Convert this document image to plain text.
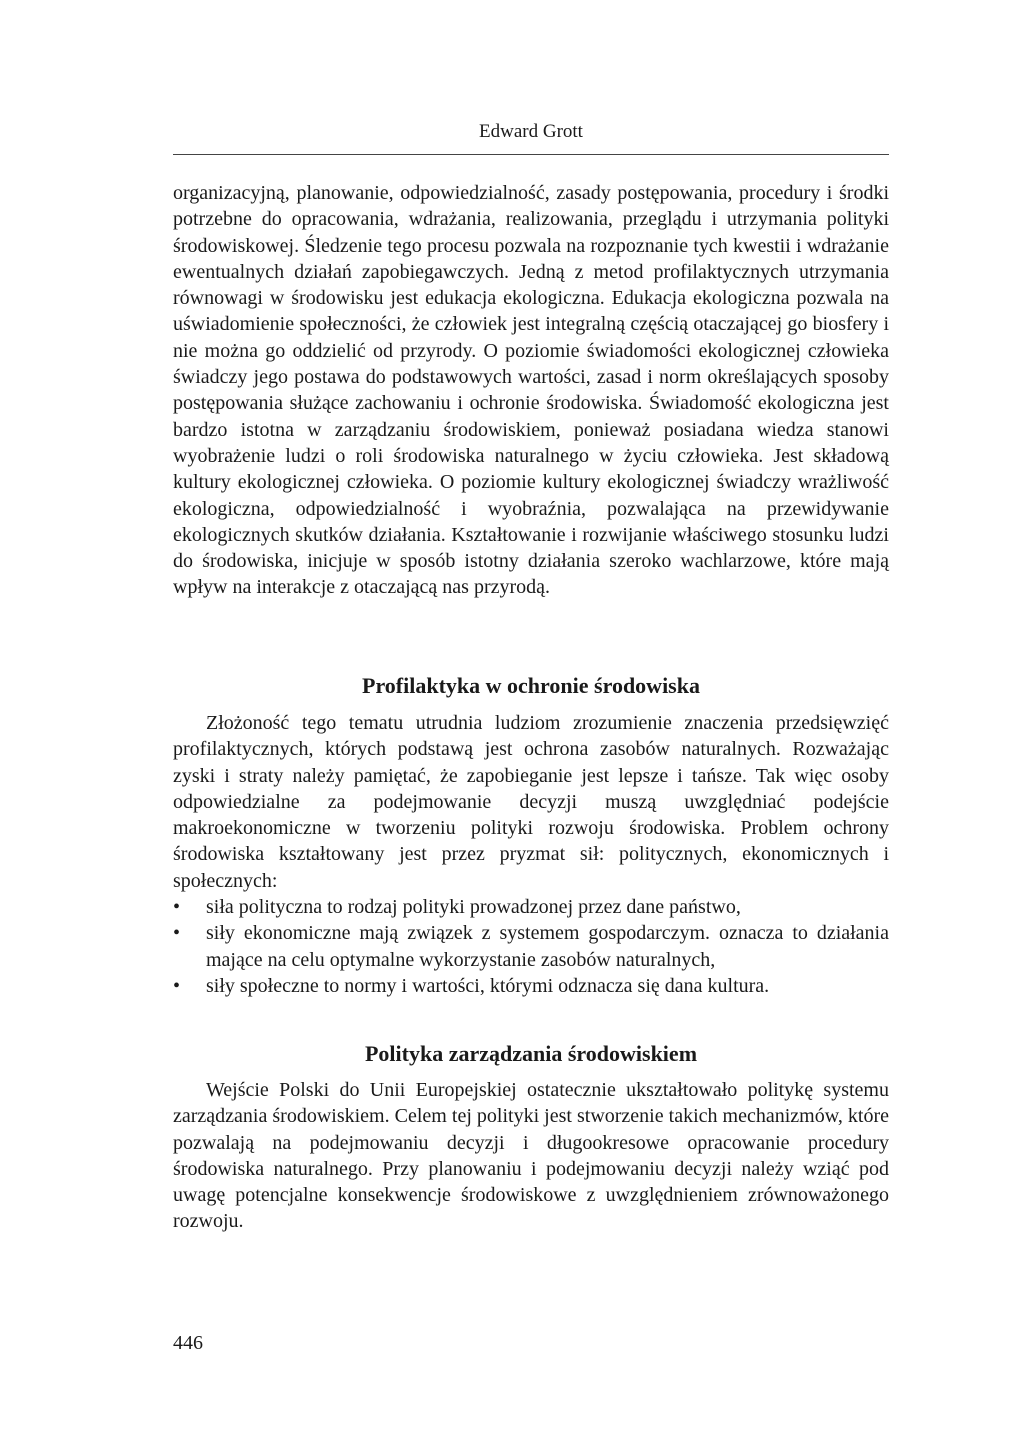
Edward Grott

organizacyjną, planowanie, odpowiedzialność, zasady postępowania, procedury i środki potrzebne do opracowania, wdrażania, realizowania, przeglądu i utrzymania polityki środowiskowej. Śledzenie tego procesu pozwala na rozpoznanie tych kwestii i wdrażanie ewentualnych działań zapobiegawczych. Jedną z metod profilaktycznych utrzymania równowagi w środowisku jest edukacja ekologiczna. Edukacja ekologiczna pozwala na uświadomienie społeczności, że człowiek jest integralną częścią otaczającej go biosfery i nie można go oddzielić od przyrody. O poziomie świadomości ekologicznej człowieka świadczy jego postawa do podstawowych wartości, zasad i norm określających sposoby postępowania służące zachowaniu i ochronie środowiska. Świadomość ekologiczna jest bardzo istotna w zarządzaniu środowiskiem, ponieważ posiadana wiedza stanowi wyobrażenie ludzi o roli środowiska naturalnego w życiu człowieka. Jest składową kultury ekologicznej człowieka. O poziomie kultury ekologicznej świadczy wrażliwość ekologiczna, odpowiedzialność i wyobraźnia, pozwalająca na przewidywanie ekologicznych skutków działania. Kształtowanie i rozwijanie właściwego stosunku ludzi do środowiska, inicjuje w sposób istotny działania szeroko wachlarzowe, które mają wpływ na interakcje z otaczającą nas przyrodą.

Profilaktyka w ochronie środowiska

Złożoność tego tematu utrudnia ludziom zrozumienie znaczenia przedsięwzięć profilaktycznych, których podstawą jest ochrona zasobów naturalnych. Rozważając zyski i straty należy pamiętać, że zapobieganie jest lepsze i tańsze. Tak więc osoby odpowiedzialne za podejmowanie decyzji muszą uwzględniać podejście makroekonomiczne w tworzeniu polityki rozwoju środowiska. Problem ochrony środowiska kształtowany jest przez pryzmat sił: politycznych, ekonomicznych i społecznych:

•	siła polityczna to rodzaj polityki prowadzonej przez dane państwo,
•	siły ekonomiczne mają związek z systemem gospodarczym. oznacza to działania mające na celu optymalne wykorzystanie zasobów naturalnych,
•	siły społeczne to normy i wartości, którymi odznacza się dana kultura.
Polityka zarządzania środowiskiem

Wejście Polski do Unii Europejskiej ostatecznie ukształtowało politykę systemu zarządzania środowiskiem. Celem tej polityki jest stworzenie takich mechanizmów, które pozwalają na podejmowaniu decyzji i długookresowe opracowanie procedury środowiska naturalnego. Przy planowaniu i podejmowaniu decyzji należy wziąć pod uwagę potencjalne konsekwencje środowiskowe z uwzględnieniem zrównoważonego rozwoju.

446
